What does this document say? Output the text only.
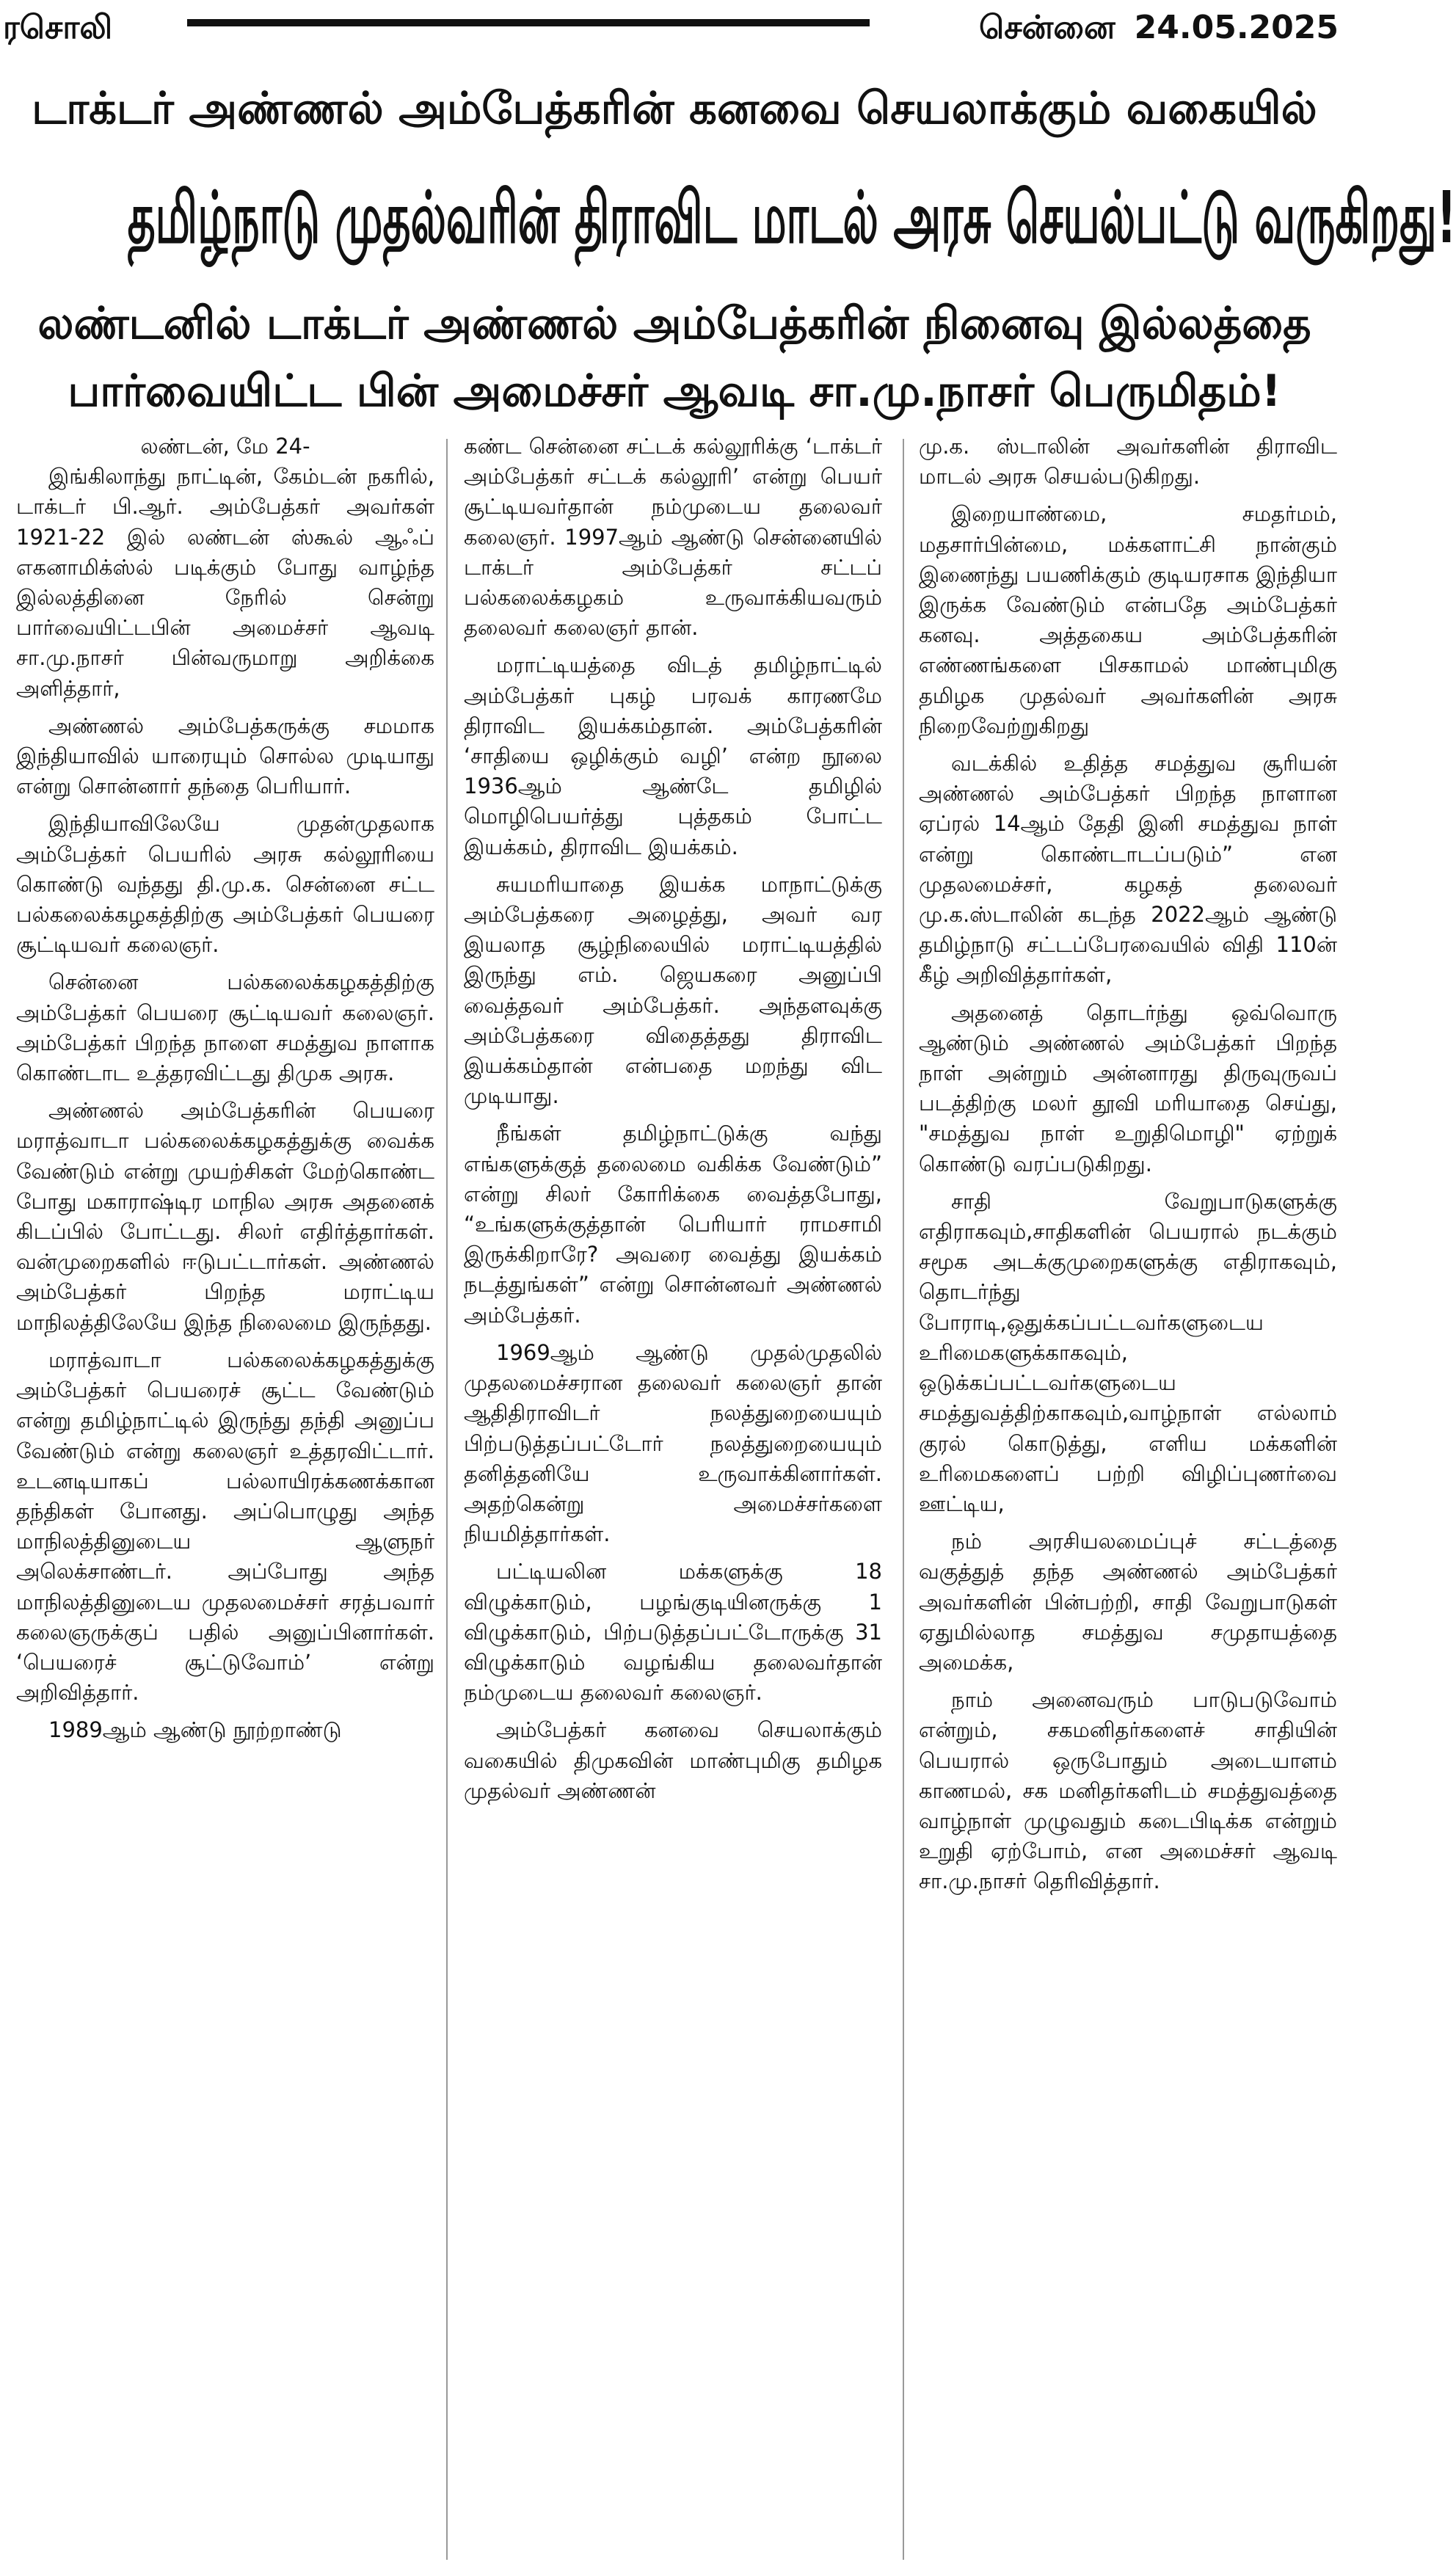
ரசொலி	சென்னை 24.05.2025
டாக்டர் அண்ணல் அம்பேத்கரின் கனவை செயலாக்கும் வகையில்
தமிழ்நாடு முதல்வரின் திராவிட மாடல் அரசு செயல்பட்டு வருகிறது!
லண்டனில் டாக்டர் அண்ணல் அம்பேத்கரின் நினைவு இல்லத்தை
பார்வையிட்ட பின் அமைச்சர் ஆவடி சா.மு.நாசர் பெருமிதம்!

லண்டன், மே 24-

இங்கிலாந்து நாட்டின், கேம்டன் நகரில், டாக்டர் பி.ஆர். அம்பேத்கர் அவர்கள் 1921-22 இல் லண்டன் ஸ்கூல் ஆஃப் எகனாமிக்ஸ்ல் படிக்கும் போது வாழ்ந்த இல்லத்தினை நேரில் சென்று பார்வையிட்டபின் அமைச்சர் ஆவடி சா.மு.நாசர் பின்வருமாறு அறிக்கை அளித்தார்,

அண்ணல் அம்பேத்கருக்கு சமமாக இந்தியாவில் யாரையும் சொல்ல முடியாது என்று சொன்னார் தந்தை பெரியார்.

இந்தியாவிலேயே முதன்முதலாக அம்பேத்கர் பெயரில் அரசு கல்லூரியை கொண்டு வந்தது தி.மு.க. சென்னை சட்ட பல்கலைக்கழகத்திற்கு அம்பேத்கர் பெயரை சூட்டியவர் கலைஞர்.

சென்னை பல்கலைக்கழகத்திற்கு அம்பேத்கர் பெயரை சூட்டியவர் கலைஞர். அம்பேத்கர் பிறந்த நாளை சமத்துவ நாளாக கொண்டாட உத்தரவிட்டது திமுக அரசு.

அண்ணல் அம்பேத்கரின் பெயரை மராத்வாடா பல்கலைக்கழகத்துக்கு வைக்க வேண்டும் என்று முயற்சிகள் மேற்கொண்ட போது மகாராஷ்டிர மாநில அரசு அதனைக் கிடப்பில் போட்டது. சிலர் எதிர்த்தார்கள். வன்முறைகளில் ஈடுபட்டார்கள். அண்ணல் அம்பேத்கர் பிறந்த மராட்டிய மாநிலத்திலேயே இந்த நிலைமை இருந்தது.

மராத்வாடா பல்கலைக்கழகத்துக்கு அம்பேத்கர் பெயரைச் சூட்ட வேண்டும் என்று தமிழ்நாட்டில் இருந்து தந்தி அனுப்ப வேண்டும் என்று கலைஞர் உத்தரவிட்டார். உடனடியாகப் பல்லாயிரக்கணக்கான தந்திகள் போனது. அப்பொழுது அந்த மாநிலத்தினுடைய ஆளுநர் அலெக்சாண்டர். அப்போது அந்த மாநிலத்தினுடைய முதலமைச்சர் சரத்பவார் கலைஞருக்குப் பதில் அனுப்பினார்கள். ‘பெயரைச் சூட்டுவோம்’ என்று அறிவித்தார்.

1989ஆம் ஆண்டு நூற்றாண்டு

கண்ட சென்னை சட்டக் கல்லூரிக்கு ‘டாக்டர் அம்பேத்கர் சட்டக் கல்லூரி’ என்று பெயர் சூட்டியவர்தான் நம்முடைய தலைவர் கலைஞர். 1997ஆம் ஆண்டு சென்னையில் டாக்டர் அம்பேத்கர் சட்டப் பல்கலைக்கழகம் உருவாக்கியவரும் தலைவர் கலைஞர் தான்.

மராட்டியத்தை விடத் தமிழ்நாட்டில் அம்பேத்கர் புகழ் பரவக் காரணமே திராவிட இயக்கம்தான். அம்பேத்கரின் ‘சாதியை ஒழிக்கும் வழி’ என்ற நூலை 1936ஆம் ஆண்டே தமிழில் மொழிபெயர்த்து புத்தகம் போட்ட இயக்கம், திராவிட இயக்கம்.

சுயமரியாதை இயக்க மாநாட்டுக்கு அம்பேத்கரை அழைத்து, அவர் வர இயலாத சூழ்நிலையில் மராட்டியத்தில் இருந்து எம். ஜெயகரை அனுப்பி வைத்தவர் அம்பேத்கர். அந்தளவுக்கு அம்பேத்கரை விதைத்தது திராவிட இயக்கம்தான் என்பதை மறந்து விட முடியாது.

நீங்கள் தமிழ்நாட்டுக்கு வந்து எங்களுக்குத் தலைமை வகிக்க வேண்டும்” என்று சிலர் கோரிக்கை வைத்தபோது, “உங்களுக்குத்தான் பெரியார் ராமசாமி இருக்கிறாரே? அவரை வைத்து இயக்கம் நடத்துங்கள்” என்று சொன்னவர் அண்ணல் அம்பேத்கர்.

1969ஆம் ஆண்டு முதல்முதலில் முதலமைச்சரான தலைவர் கலைஞர் தான் ஆதிதிராவிடர் நலத்துறையையும் பிற்படுத்தப்பட்டோர் நலத்துறையையும் தனித்தனியே உருவாக்கினார்கள். அதற்கென்று அமைச்சர்களை நியமித்தார்கள்.

பட்டியலின மக்களுக்கு 18 விழுக்காடும், பழங்குடியினருக்கு 1 விழுக்காடும், பிற்படுத்தப்பட்டோருக்கு 31 விழுக்காடும் வழங்கிய தலைவர்தான் நம்முடைய தலைவர் கலைஞர்.

அம்பேத்கர் கனவை செயலாக்கும் வகையில் திமுகவின் மாண்புமிகு தமிழக முதல்வர் அண்ணன்

மு.க. ஸ்டாலின் அவர்களின் திராவிட மாடல் அரசு செயல்படுகிறது.

இறையாண்மை, சமதர்மம், மதசார்பின்மை, மக்களாட்சி நான்கும் இணைந்து பயணிக்கும் குடியரசாக இந்தியா இருக்க வேண்டும் என்பதே அம்பேத்கர் கனவு. அத்தகைய அம்பேத்கரின் எண்ணங்களை பிசகாமல் மாண்புமிகு தமிழக முதல்வர் அவர்களின் அரசு நிறைவேற்றுகிறது

வடக்கில் உதித்த சமத்துவ சூரியன் அண்ணல் அம்பேத்கர் பிறந்த நாளான ஏப்ரல் 14ஆம் தேதி இனி சமத்துவ நாள் என்று கொண்டாடப்படும்” என முதலமைச்சர், கழகத் தலைவர் மு.க.ஸ்டாலின் கடந்த 2022ஆம் ஆண்டு தமிழ்நாடு சட்டப்பேரவையில் விதி 110ன் கீழ் அறிவித்தார்கள்,

அதனைத் தொடர்ந்து ஒவ்வொரு ஆண்டும் அண்ணல் அம்பேத்கர் பிறந்த நாள் அன்றும் அன்னாரது திருவுருவப் படத்திற்கு மலர் தூவி மரியாதை செய்து, "சமத்துவ நாள் உறுதிமொழி" ஏற்றுக் கொண்டு வரப்படுகிறது.

சாதி வேறுபாடுகளுக்கு எதிராகவும்,சாதிகளின் பெயரால் நடக்கும் சமூக அடக்குமுறைகளுக்கு எதிராகவும், தொடர்ந்து போராடி,ஒதுக்கப்பட்டவர்களுடைய உரிமைகளுக்காகவும், ஒடுக்கப்பட்டவர்களுடைய சமத்துவத்திற்காகவும்,வாழ்நாள் எல்லாம் குரல் கொடுத்து, எளிய மக்களின் உரிமைகளைப் பற்றி விழிப்புணர்வை ஊட்டிய,

நம் அரசியலமைப்புச் சட்டத்தை வகுத்துத் தந்த அண்ணல் அம்பேத்கர் அவர்களின் பின்பற்றி, சாதி வேறுபாடுகள் ஏதுமில்லாத சமத்துவ சமுதாயத்தை அமைக்க,

நாம் அனைவரும் பாடுபடுவோம் என்றும், சகமனிதர்களைச் சாதியின் பெயரால் ஒருபோதும் அடையாளம் காணமல், சக மனிதர்களிடம் சமத்துவத்தை வாழ்நாள் முழுவதும் கடைபிடிக்க என்றும் உறுதி ஏற்போம், என அமைச்சர் ஆவடி சா.மு.நாசர் தெரிவித்தார்.
